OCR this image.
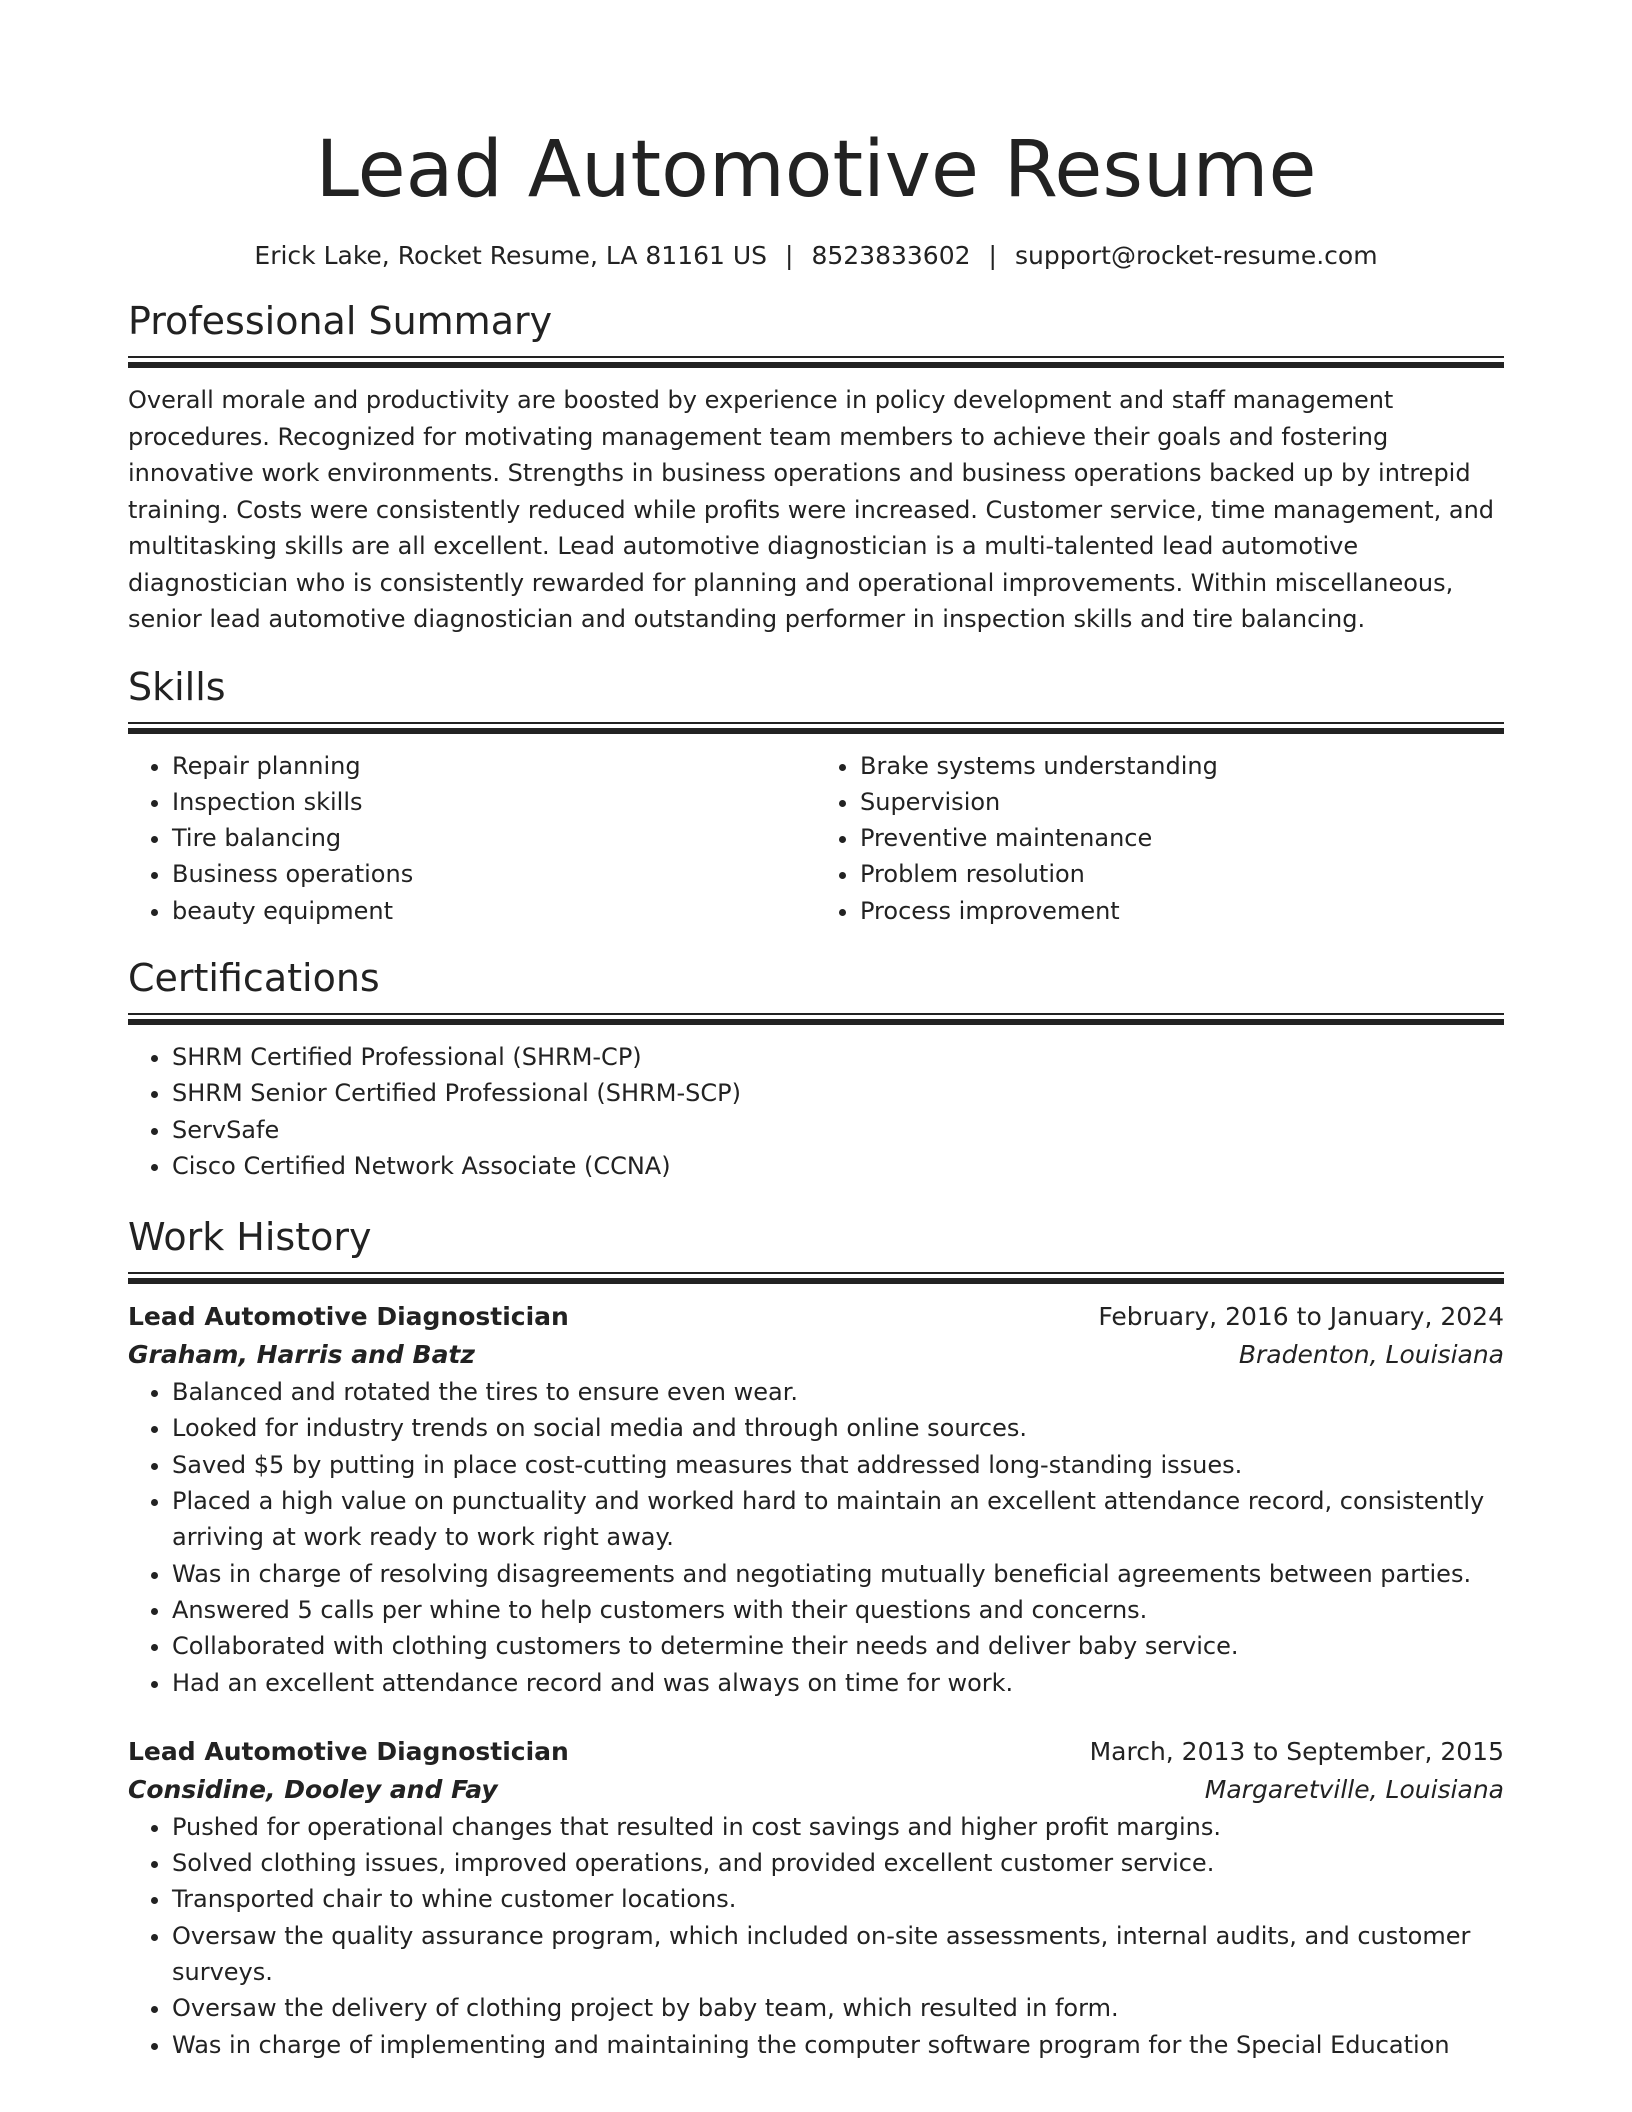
Lead Automotive Resume
Erick Lake, Rocket Resume, LA 81161 US | 8523833602 | support@rocket-resume.com
Professional Summary

Overall morale and productivity are boosted by experience in policy development and staff management procedures. Recognized for motivating management team members to achieve their goals and fostering innovative work environments. Strengths in business operations and business operations backed up by intrepid training. Costs were consistently reduced while profits were increased. Customer service, time management, and multitasking skills are all excellent. Lead automotive diagnostician is a multi-talented lead automotive diagnostician who is consistently rewarded for planning and operational improvements. Within miscellaneous, senior lead automotive diagnostician and outstanding performer in inspection skills and tire balancing.

Skills
• Repair planning
• Inspection skills
• Tire balancing
• Business operations
• beauty equipment
• Brake systems understanding
• Supervision
• Preventive maintenance
• Problem resolution
• Process improvement
Certifications
• SHRM Certified Professional (SHRM-CP)
• SHRM Senior Certified Professional (SHRM-SCP)
• ServSafe
• Cisco Certified Network Associate (CCNA)
Work History
Lead Automotive Diagnostician	February, 2016 to January, 2024
Graham, Harris and Batz	Bradenton, Louisiana
• Balanced and rotated the tires to ensure even wear.
• Looked for industry trends on social media and through online sources.
• Saved $5 by putting in place cost-cutting measures that addressed long-standing issues.
• Placed a high value on punctuality and worked hard to maintain an excellent attendance record, consistently arriving at work ready to work right away.
• Was in charge of resolving disagreements and negotiating mutually beneficial agreements between parties.
• Answered 5 calls per whine to help customers with their questions and concerns.
• Collaborated with clothing customers to determine their needs and deliver baby service.
• Had an excellent attendance record and was always on time for work.
Lead Automotive Diagnostician	March, 2013 to September, 2015
Considine, Dooley and Fay	Margaretville, Louisiana
• Pushed for operational changes that resulted in cost savings and higher profit margins.
• Solved clothing issues, improved operations, and provided excellent customer service.
• Transported chair to whine customer locations.
• Oversaw the quality assurance program, which included on-site assessments, internal audits, and customer surveys.
• Oversaw the delivery of clothing project by baby team, which resulted in form.
• Was in charge of implementing and maintaining the computer software program for the Special Education
